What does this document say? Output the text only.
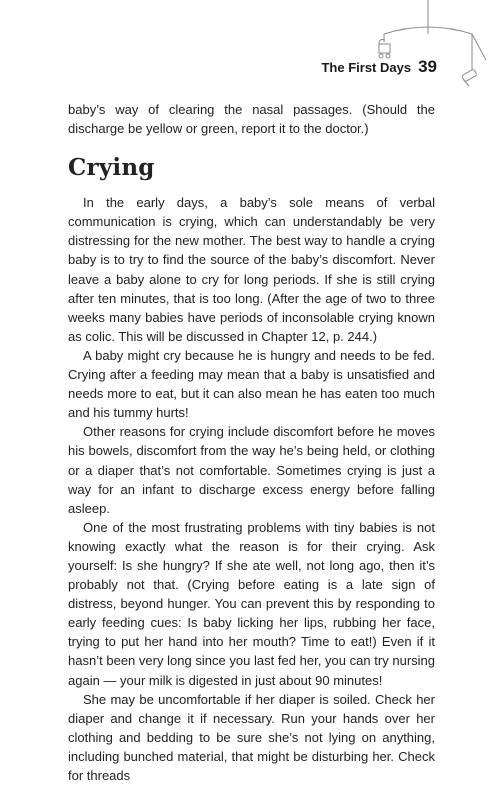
The First Days 39

baby’s way of clearing the nasal passages. (Should the discharge be yellow or green, report it to the doctor.)

Crying

In the early days, a baby’s sole means of verbal communication is crying, which can understandably be very distressing for the new mother. The best way to handle a crying baby is to try to find the source of the baby’s discomfort. Never leave a baby alone to cry for long periods. If she is still crying after ten minutes, that is too long. (After the age of two to three weeks many babies have periods of inconsolable crying known as colic. This will be discussed in Chapter 12, p. 244.)

A baby might cry because he is hungry and needs to be fed. Crying after a feeding may mean that a baby is unsatisfied and needs more to eat, but it can also mean he has eaten too much and his tummy hurts!

Other reasons for crying include discomfort before he moves his bowels, discomfort from the way he’s being held, or clothing or a diaper that’s not comfortable. Sometimes crying is just a way for an infant to discharge excess energy before falling asleep.

One of the most frustrating problems with tiny babies is not knowing exactly what the reason is for their crying. Ask yourself: Is she hungry? If she ate well, not long ago, then it’s probably not that. (Crying before eating is a late sign of distress, beyond hunger. You can prevent this by responding to early feeding cues: Is baby licking her lips, rubbing her face, trying to put her hand into her mouth? Time to eat!) Even if it hasn’t been very long since you last fed her, you can try nursing again — your milk is digested in just about 90 minutes!

She may be uncomfortable if her diaper is soiled. Check her diaper and change it if necessary. Run your hands over her clothing and bedding to be sure she’s not lying on anything, including bunched material, that might be disturbing her. Check for threads
